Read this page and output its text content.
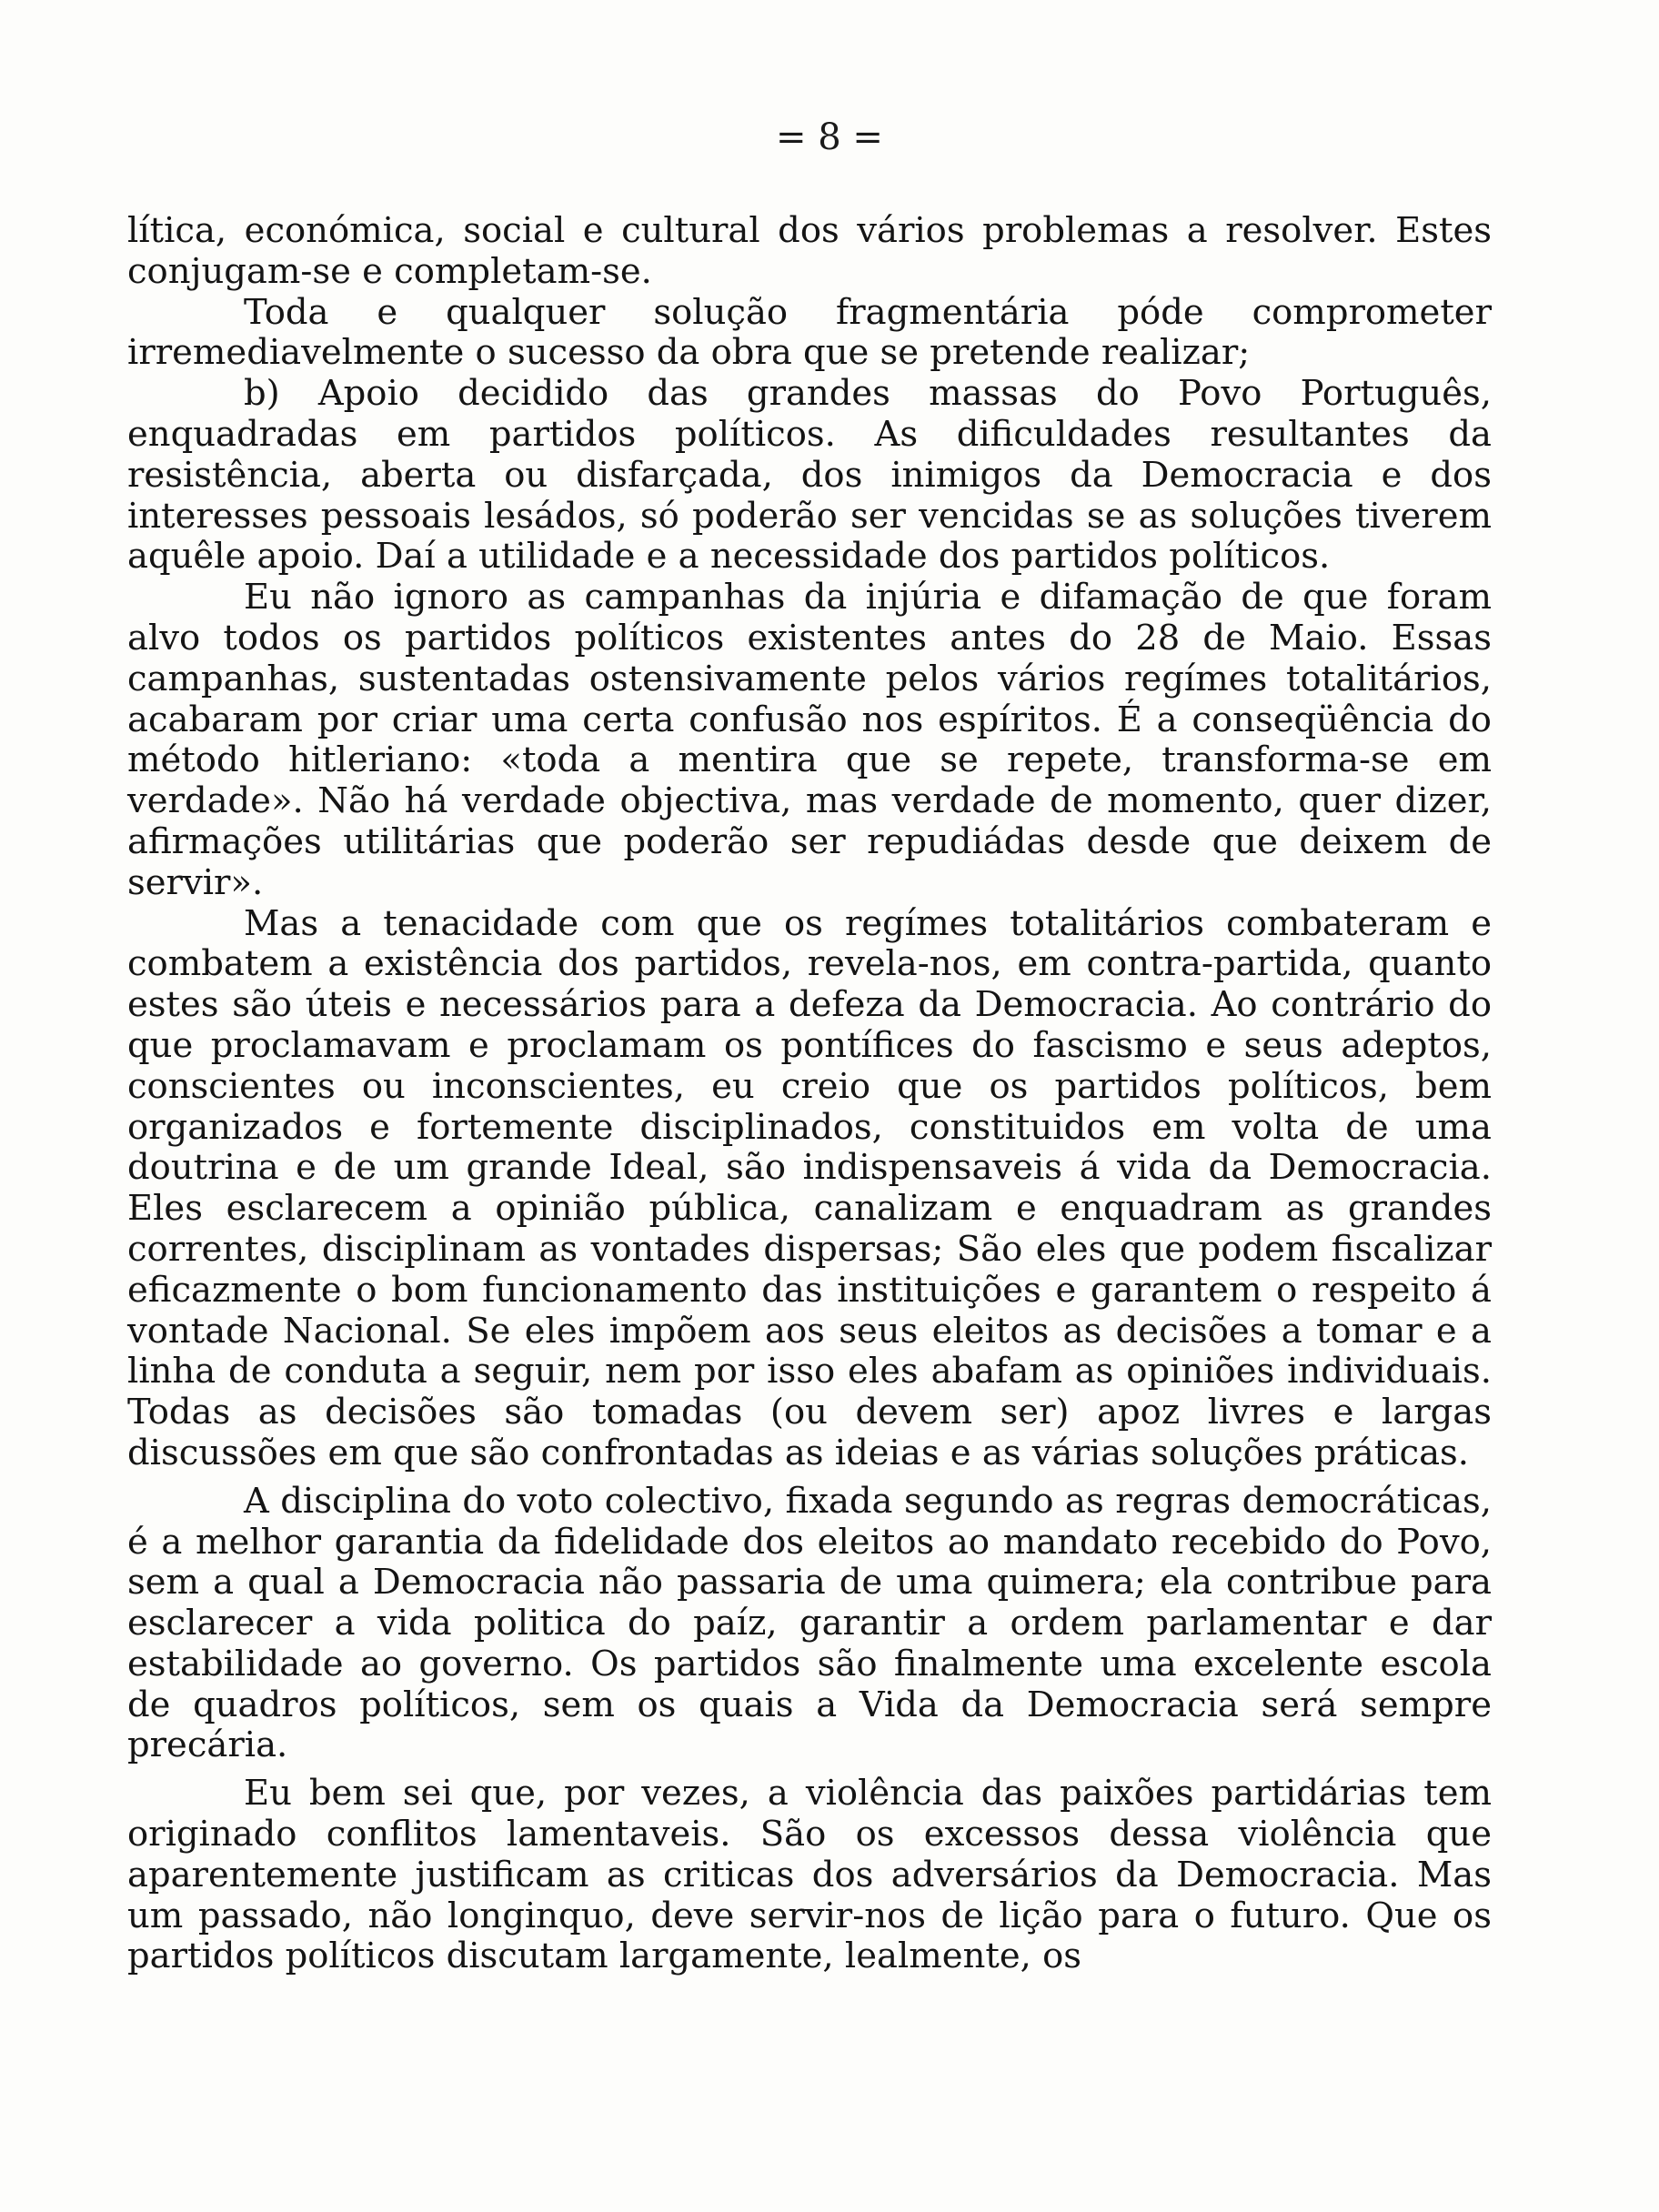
= 8 =

lítica, económica, social e cultural dos vários problemas a resolver. Estes conjugam-se e completam-se.

Toda e qualquer solução fragmentária póde comprometer irremediavelmente o sucesso da obra que se pretende realizar;

b) Apoio decidido das grandes massas do Povo Português, enquadradas em partidos políticos. As dificuldades resultantes da resistência, aberta ou disfarçada, dos inimigos da Democracia e dos interesses pessoais lesádos, só poderão ser vencidas se as soluções tiverem aquêle apoio. Daí a utilidade e a necessidade dos partidos políticos.

Eu não ignoro as campanhas da injúria e difamação de que foram alvo todos os partidos políticos existentes antes do 28 de Maio. Essas campanhas, sustentadas ostensivamente pelos vários regímes totalitários, acabaram por criar uma certa confusão nos espíritos. É a conseqüência do método hitleriano: «toda a mentira que se repete, transforma-se em verdade». Não há verdade objectiva, mas verdade de momento, quer dizer, afirmações utilitárias que poderão ser repudiádas desde que deixem de servir».

Mas a tenacidade com que os regímes totalitários combateram e combatem a existência dos partidos, revela-nos, em contra-partida, quanto estes são úteis e necessários para a defeza da Democracia. Ao contrário do que proclamavam e proclamam os pontífices do fascismo e seus adeptos, conscientes ou inconscientes, eu creio que os partidos políticos, bem organizados e fortemente disciplinados, constituidos em volta de uma doutrina e de um grande Ideal, são indispensaveis á vida da Democracia. Eles esclarecem a opinião pública, canalizam e enquadram as grandes correntes, disciplinam as vontades dispersas; São eles que podem fiscalizar eficazmente o bom funcionamento das instituições e garantem o respeito á vontade Nacional. Se eles impõem aos seus eleitos as decisões a tomar e a linha de conduta a seguir, nem por isso eles abafam as opiniões individuais. Todas as decisões são tomadas (ou devem ser) apoz livres e largas discussões em que são confrontadas as ideias e as várias soluções práticas.

A disciplina do voto colectivo, fixada segundo as regras democráticas, é a melhor garantia da fidelidade dos eleitos ao mandato recebido do Povo, sem a qual a Democracia não passaria de uma quimera; ela contribue para esclarecer a vida politica do paíz, garantir a ordem parlamentar e dar estabilidade ao governo. Os partidos são finalmente uma excelente escola de quadros políticos, sem os quais a Vida da Democracia será sempre precária.

Eu bem sei que, por vezes, a violência das paixões partidárias tem originado conflitos lamentaveis. São os excessos dessa violência que aparentemente justificam as criticas dos adversários da Democracia. Mas um passado, não longinquo, deve servir-nos de lição para o futuro. Que os partidos políticos discutam largamente, lealmente, os
